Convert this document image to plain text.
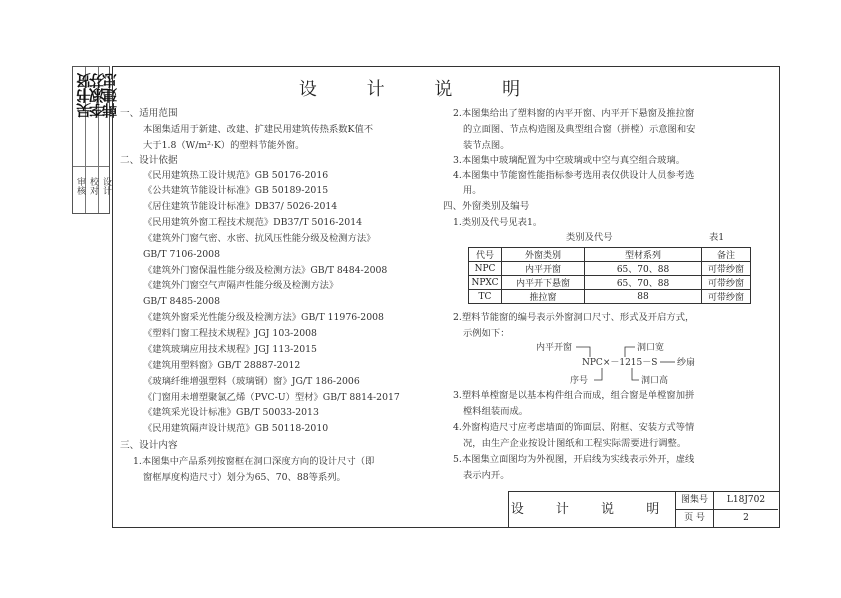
吴书贤
李淑芬
韩建忠
审核 校对 设计
设 计 说 明
一、适用范围
本图集适用于新建、改建、扩建民用建筑传热系数K值不
大于1.8（W/m²·K）的塑料节能外窗。
二、设计依据
《民用建筑热工设计规范》GB 50176-2016
《公共建筑节能设计标准》GB 50189-2015
《居住建筑节能设计标准》DB37/ 5026-2014
《民用建筑外窗工程技术规范》DB37/T 5016-2014
《建筑外门窗气密、水密、抗风压性能分级及检测方法》
GB/T 7106-2008
《建筑外门窗保温性能分级及检测方法》GB/T 8484-2008
《建筑外门窗空气声隔声性能分级及检测方法》
GB/T 8485-2008
《建筑外窗采光性能分级及检测方法》GB/T 11976-2008
《塑料门窗工程技术规程》JGJ 103-2008
《建筑玻璃应用技术规程》JGJ 113-2015
《建筑用塑料窗》GB/T 28887-2012
《玻璃纤维增强塑料（玻璃钢）窗》JG/T 186-2006
《门窗用未增塑聚氯乙烯（PVC-U）型材》GB/T 8814-2017
《建筑采光设计标准》GB/T 50033-2013
《民用建筑隔声设计规范》GB 50118-2010
三、设计内容
1.本图集中产品系列按窗框在洞口深度方向的设计尺寸（即
窗框厚度构造尺寸）划分为65、70、88等系列。
2.本图集给出了塑料窗的内平开窗、内平开下悬窗及推拉窗
的立面图、节点构造图及典型组合窗（拼樘）示意图和安
装节点图。
3.本图集中玻璃配置为中空玻璃或中空与真空组合玻璃。
4.本图集中节能窗性能指标参考选用表仅供设计人员参考选
用。
四、外窗类别及编号
1.类别及代号见表1。
类别及代号	表1
代号	外窗类别	型材系列	备注
NPC	内平开窗	65、70、88	可带纱窗
NPXC	内平开下悬窗	65、70、88	可带纱窗
TC	推拉窗	88	可带纱窗
2.塑料节能窗的编号表示外窗洞口尺寸、形式及开启方式，
示例如下：
内平开窗
NPC×－1215－S
洞口宽
纱扇
序号	洞口高
3.塑料单樘窗是以基本构件组合而成，组合窗是单樘窗加拼
樘料组装而成。
4.外窗构造尺寸应考虑墙面的饰面层、附框、安装方式等情
况，由生产企业按设计图纸和工程实际需要进行调整。
5.本图集立面图均为外视图，开启线为实线表示外开，虚线
表示内开。
设 计 说 明
图集号	L18J702
页 号	2
